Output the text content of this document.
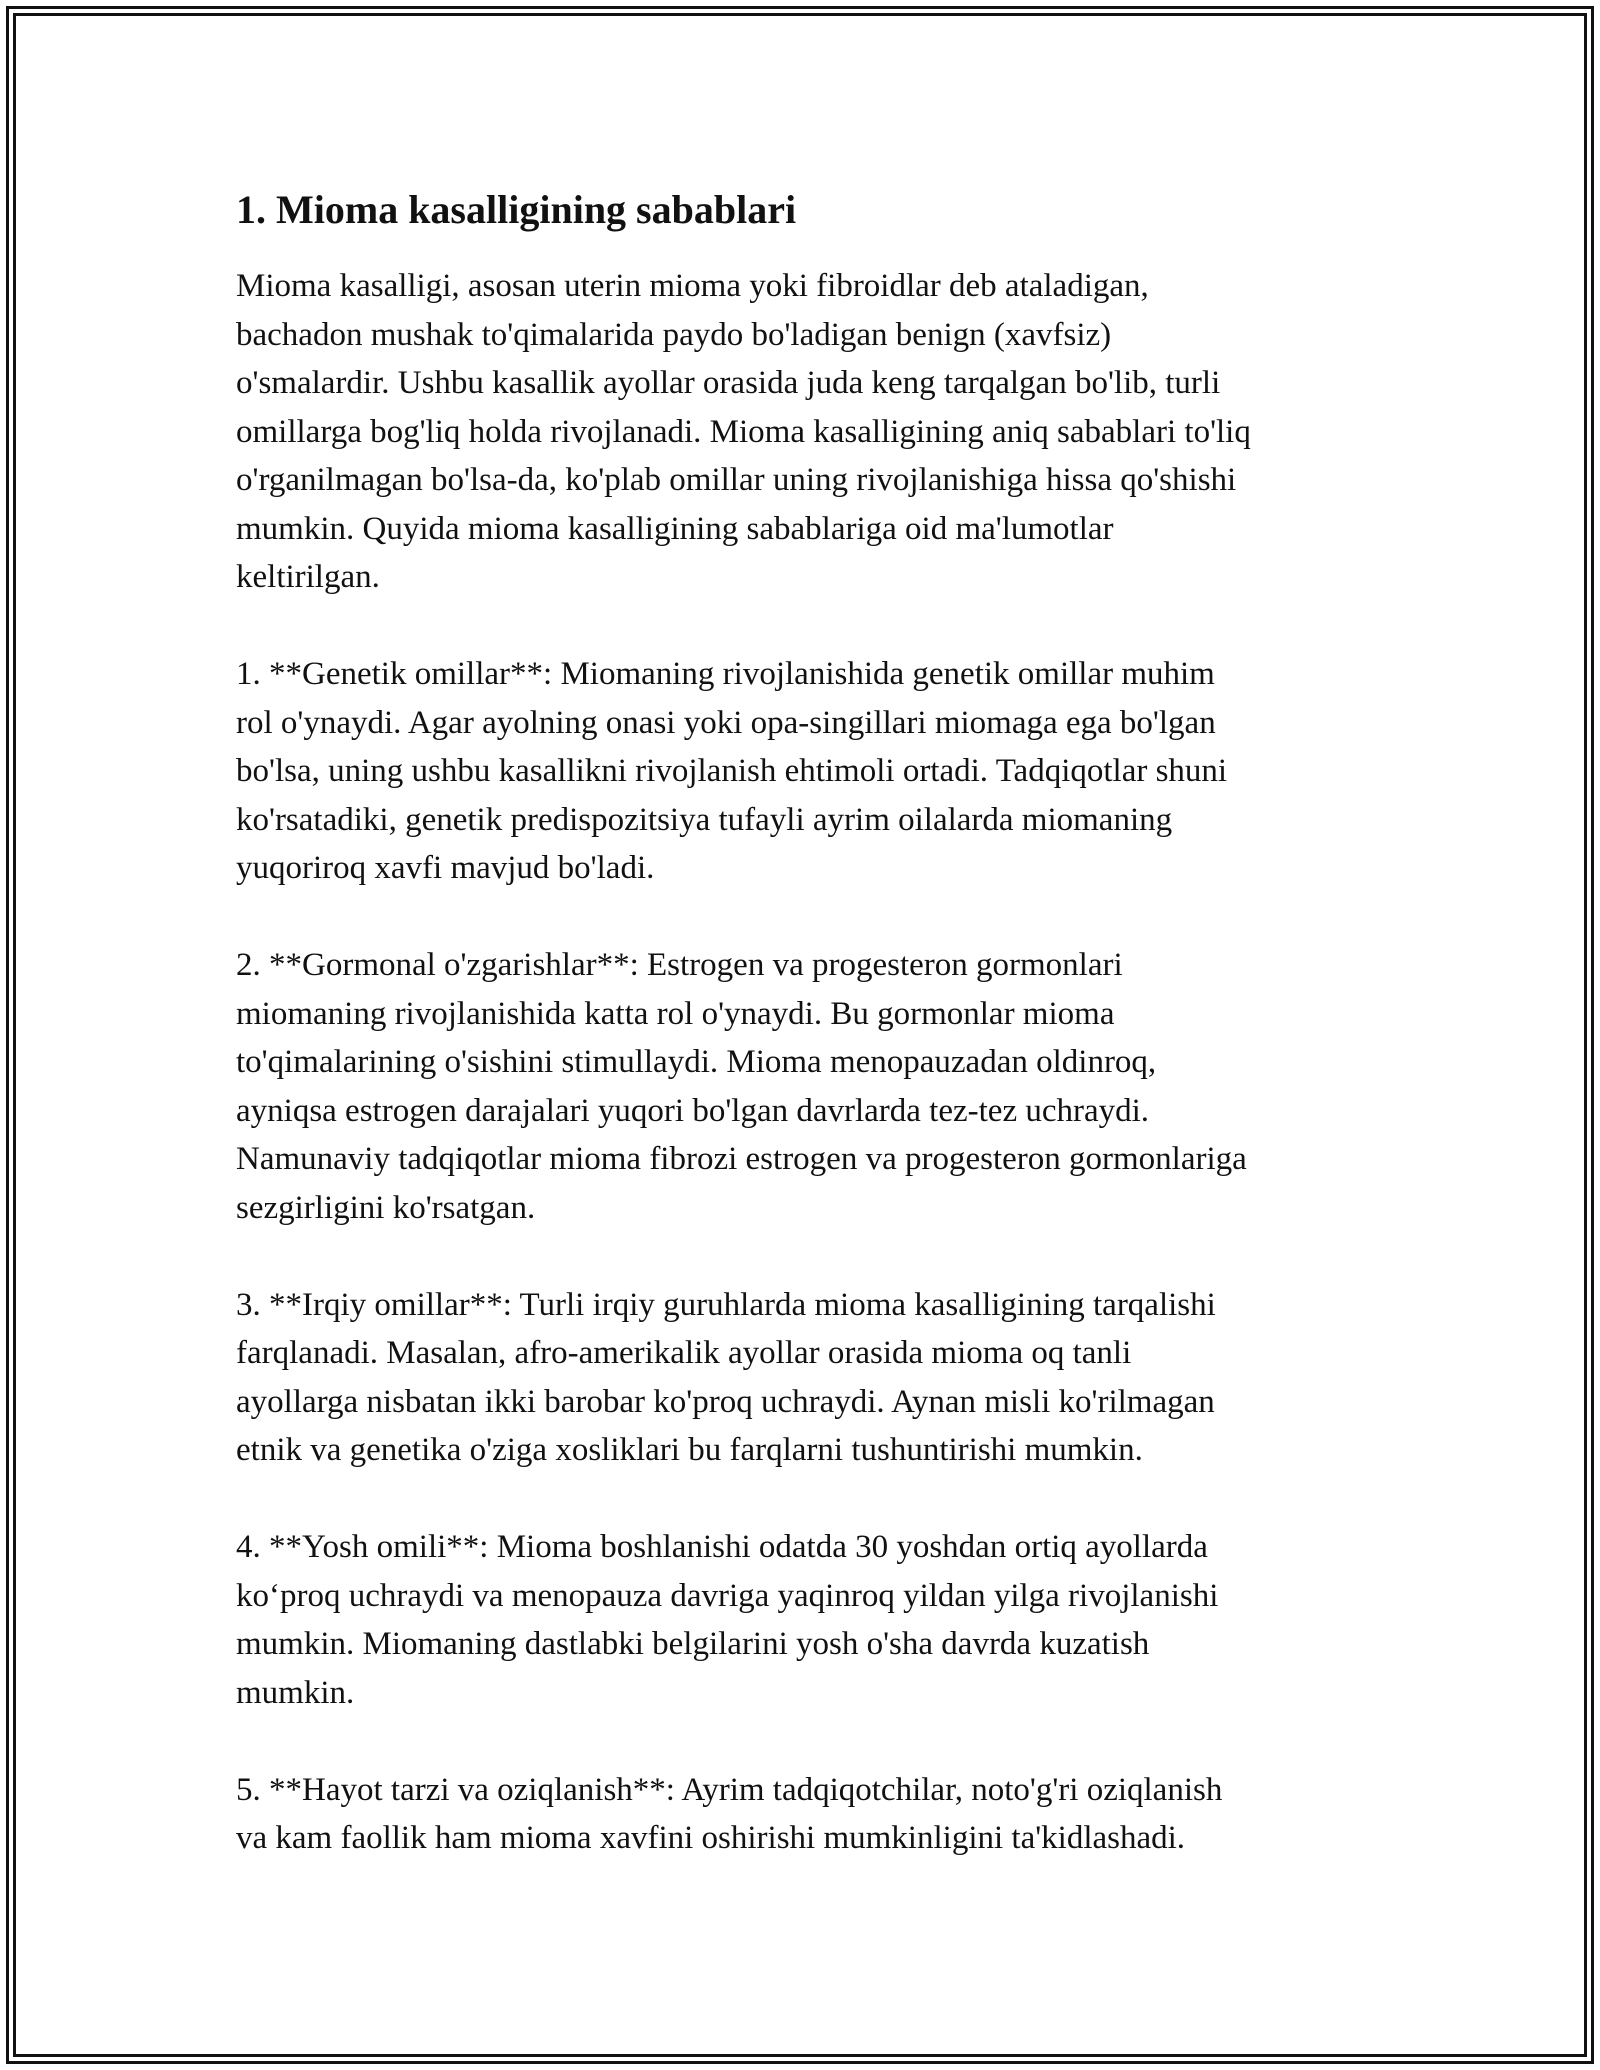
1. Mioma kasalligining sabablari

Mioma kasalligi, asosan uterin mioma yoki fibroidlar deb ataladigan,
bachadon mushak to'qimalarida paydo bo'ladigan benign (xavfsiz)
o'smalardir. Ushbu kasallik ayollar orasida juda keng tarqalgan bo'lib, turli
omillarga bog'liq holda rivojlanadi. Mioma kasalligining aniq sabablari to'liq
o'rganilmagan bo'lsa-da, ko'plab omillar uning rivojlanishiga hissa qo'shishi
mumkin. Quyida mioma kasalligining sabablariga oid ma'lumotlar
keltirilgan.

1. **Genetik omillar**: Miomaning rivojlanishida genetik omillar muhim
rol o'ynaydi. Agar ayolning onasi yoki opa-singillari miomaga ega bo'lgan
bo'lsa, uning ushbu kasallikni rivojlanish ehtimoli ortadi. Tadqiqotlar shuni
ko'rsatadiki, genetik predispozitsiya tufayli ayrim oilalarda miomaning
yuqoriroq xavfi mavjud bo'ladi.

2. **Gormonal o'zgarishlar**: Estrogen va progesteron gormonlari
miomaning rivojlanishida katta rol o'ynaydi. Bu gormonlar mioma
to'qimalarining o'sishini stimullaydi. Mioma menopauzadan oldinroq,
ayniqsa estrogen darajalari yuqori bo'lgan davrlarda tez-tez uchraydi.
Namunaviy tadqiqotlar mioma fibrozi estrogen va progesteron gormonlariga
sezgirligini ko'rsatgan.

3. **Irqiy omillar**: Turli irqiy guruhlarda mioma kasalligining tarqalishi
farqlanadi. Masalan, afro-amerikalik ayollar orasida mioma oq tanli
ayollarga nisbatan ikki barobar ko'proq uchraydi. Aynan misli ko'rilmagan
etnik va genetika o'ziga xosliklari bu farqlarni tushuntirishi mumkin.

4. **Yosh omili**: Mioma boshlanishi odatda 30 yoshdan ortiq ayollarda
ko‘proq uchraydi va menopauza davriga yaqinroq yildan yilga rivojlanishi
mumkin. Miomaning dastlabki belgilarini yosh o'sha davrda kuzatish
mumkin.

5. **Hayot tarzi va oziqlanish**: Ayrim tadqiqotchilar, noto'g'ri oziqlanish
va kam faollik ham mioma xavfini oshirishi mumkinligini ta'kidlashadi.
